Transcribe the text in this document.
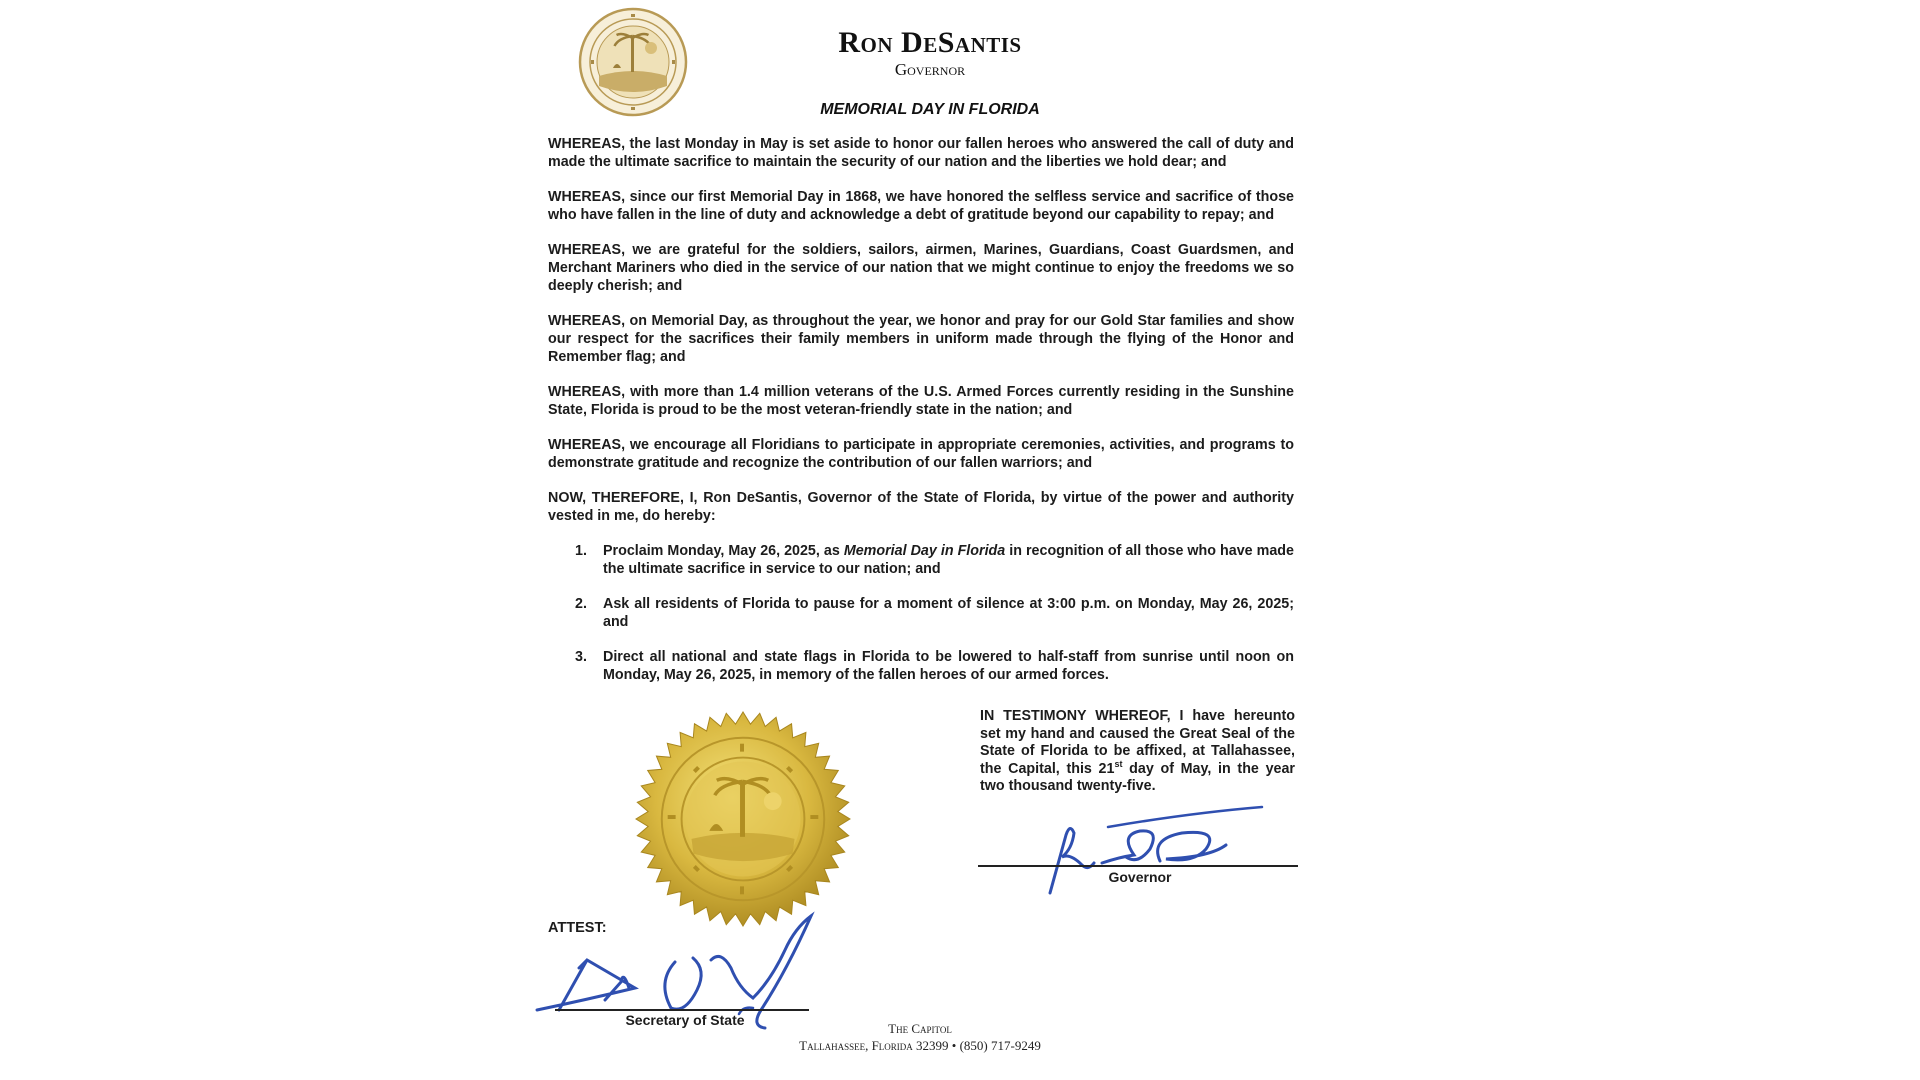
Ron DeSantis
Governor
MEMORIAL DAY IN FLORIDA

WHEREAS, the last Monday in May is set aside to honor our fallen heroes who answered the call of duty and made the ultimate sacrifice to maintain the security of our nation and the liberties we hold dear; and

WHEREAS, since our first Memorial Day in 1868, we have honored the selfless service and sacrifice of those who have fallen in the line of duty and acknowledge a debt of gratitude beyond our capability to repay; and

WHEREAS, we are grateful for the soldiers, sailors, airmen, Marines, Guardians, Coast Guardsmen, and Merchant Mariners who died in the service of our nation that we might continue to enjoy the freedoms we so deeply cherish; and

WHEREAS, on Memorial Day, as throughout the year, we honor and pray for our Gold Star families and show our respect for the sacrifices their family members in uniform made through the flying of the Honor and Remember flag; and

WHEREAS, with more than 1.4 million veterans of the U.S. Armed Forces currently residing in the Sunshine State, Florida is proud to be the most veteran-friendly state in the nation; and

WHEREAS, we encourage all Floridians to participate in appropriate ceremonies, activities, and programs to demonstrate gratitude and recognize the contribution of our fallen warriors; and

NOW, THEREFORE, I, Ron DeSantis, Governor of the State of Florida, by virtue of the power and authority vested in me, do hereby:

1. Proclaim Monday, May 26, 2025, as Memorial Day in Florida in recognition of all those who have made the ultimate sacrifice in service to our nation; and
2. Ask all residents of Florida to pause for a moment of silence at 3:00 p.m. on Monday, May 26, 2025; and
3. Direct all national and state flags in Florida to be lowered to half-staff from sunrise until noon on Monday, May 26, 2025, in memory of the fallen heroes of our armed forces.
IN TESTIMONY WHEREOF, I have hereunto set my hand and caused the Great Seal of the State of Florida to be affixed, at Tallahassee, the Capital, this 21st day of May, in the year two thousand twenty-five.
Governor
ATTEST:
Secretary of State
The Capitol
Tallahassee, Florida 32399 • (850) 717-9249
